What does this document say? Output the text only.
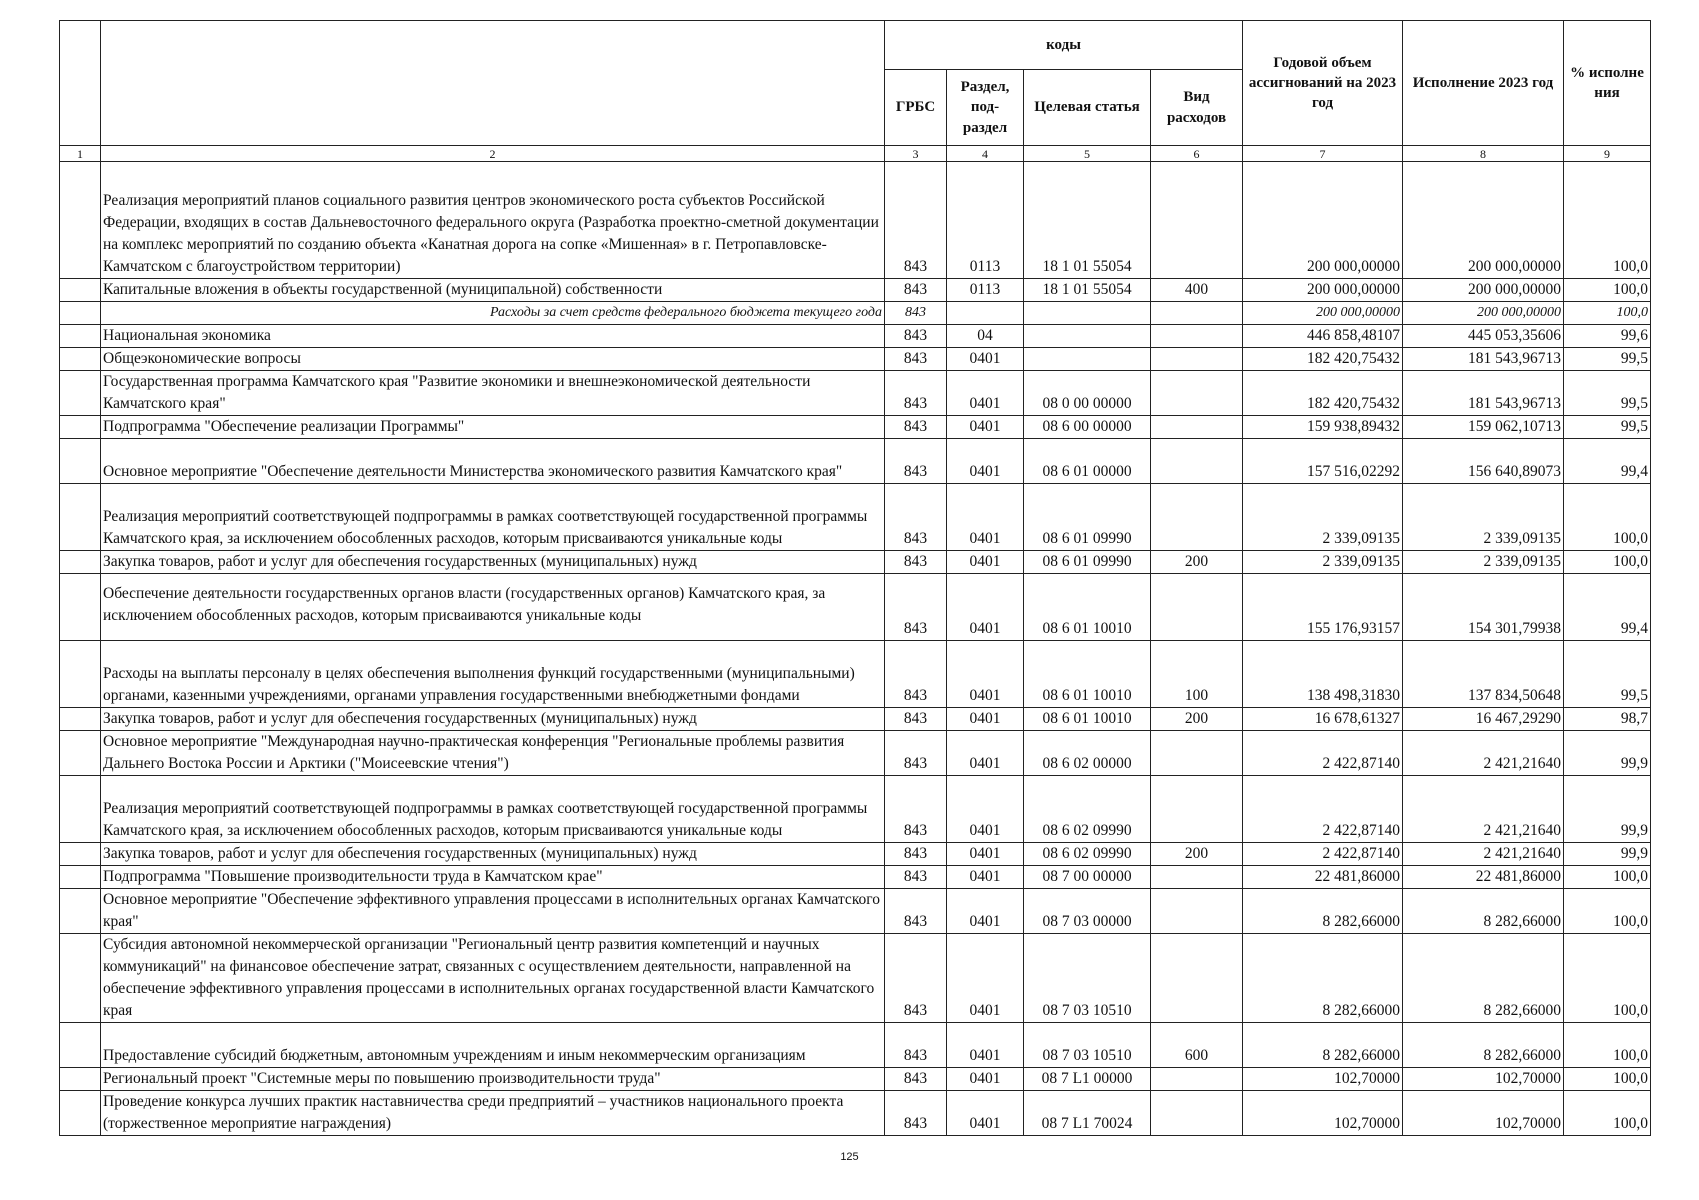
		коды				Годовой объем ассигнований на 2023 год	Исполнение 2023 год	% исполне ния
		ГРБС	Раздел, под-раздел	Целевая статья	Вид расходов			
1	2	3	4	5	6	7	8	9
	Реализация мероприятий планов социального развития центров экономического роста субъектов Российской Федерации, входящих в состав Дальневосточного федерального округа (Разработка проектно-сметной документации на комплекс мероприятий по созданию объекта «Канатная дорога на сопке «Мишенная» в г. Петропавловске-Камчатском с благоустройством территории)	843	0113	18 1 01 55054		200 000,00000	200 000,00000	100,0
	Капитальные вложения в объекты государственной (муниципальной) собственности	843	0113	18 1 01 55054	400	200 000,00000	200 000,00000	100,0
	Расходы за счет средств федерального бюджета текущего года	843				200 000,00000	200 000,00000	100,0
	Национальная экономика	843	04			446 858,48107	445 053,35606	99,6
	Общеэкономические вопросы	843	0401			182 420,75432	181 543,96713	99,5
	Государственная программа Камчатского края "Развитие экономики и внешнеэкономической деятельности Камчатского края"	843	0401	08 0 00 00000		182 420,75432	181 543,96713	99,5
	Подпрограмма "Обеспечение реализации Программы"	843	0401	08 6 00 00000		159 938,89432	159 062,10713	99,5
	Основное мероприятие "Обеспечение деятельности Министерства экономического развития Камчатского края"	843	0401	08 6 01 00000		157 516,02292	156 640,89073	99,4
	Реализация мероприятий соответствующей подпрограммы в рамках соответствующей государственной программы Камчатского края, за исключением обособленных расходов, которым присваиваются уникальные коды	843	0401	08 6 01 09990		2 339,09135	2 339,09135	100,0
	Закупка товаров, работ и услуг для обеспечения государственных (муниципальных) нужд	843	0401	08 6 01 09990	200	2 339,09135	2 339,09135	100,0
	Обеспечение деятельности государственных органов власти (государственных органов) Камчатского края, за исключением обособленных расходов, которым присваиваются уникальные коды	843	0401	08 6 01 10010		155 176,93157	154 301,79938	99,4
	Расходы на выплаты персоналу в целях обеспечения выполнения функций государственными (муниципальными) органами, казенными учреждениями, органами управления государственными внебюджетными фондами	843	0401	08 6 01 10010	100	138 498,31830	137 834,50648	99,5
	Закупка товаров, работ и услуг для обеспечения государственных (муниципальных) нужд	843	0401	08 6 01 10010	200	16 678,61327	16 467,29290	98,7
	Основное мероприятие "Международная научно-практическая конференция "Региональные проблемы развития Дальнего Востока России и Арктики ("Моисеевские чтения")	843	0401	08 6 02 00000		2 422,87140	2 421,21640	99,9
	Реализация мероприятий соответствующей подпрограммы в рамках соответствующей государственной программы Камчатского края, за исключением обособленных расходов, которым присваиваются уникальные коды	843	0401	08 6 02 09990		2 422,87140	2 421,21640	99,9
	Закупка товаров, работ и услуг для обеспечения государственных (муниципальных) нужд	843	0401	08 6 02 09990	200	2 422,87140	2 421,21640	99,9
	Подпрограмма "Повышение производительности труда в Камчатском крае"	843	0401	08 7 00 00000		22 481,86000	22 481,86000	100,0
	Основное мероприятие "Обеспечение эффективного управления процессами в исполнительных органах Камчатского края"	843	0401	08 7 03 00000		8 282,66000	8 282,66000	100,0
	Субсидия автономной некоммерческой организации "Региональный центр развития компетенций и научных коммуникаций" на финансовое обеспечение затрат, связанных с осуществлением деятельности, направленной на обеспечение эффективного управления процессами в исполнительных органах государственной власти Камчатского края	843	0401	08 7 03 10510		8 282,66000	8 282,66000	100,0
	Предоставление субсидий бюджетным, автономным учреждениям и иным некоммерческим организациям	843	0401	08 7 03 10510	600	8 282,66000	8 282,66000	100,0
	Региональный проект "Системные меры по повышению производительности труда"	843	0401	08 7 L1 00000		102,70000	102,70000	100,0
	Проведение конкурса лучших практик наставничества среди предприятий – участников национального проекта (торжественное мероприятие награждения)	843	0401	08 7 L1 70024		102,70000	102,70000	100,0
125
